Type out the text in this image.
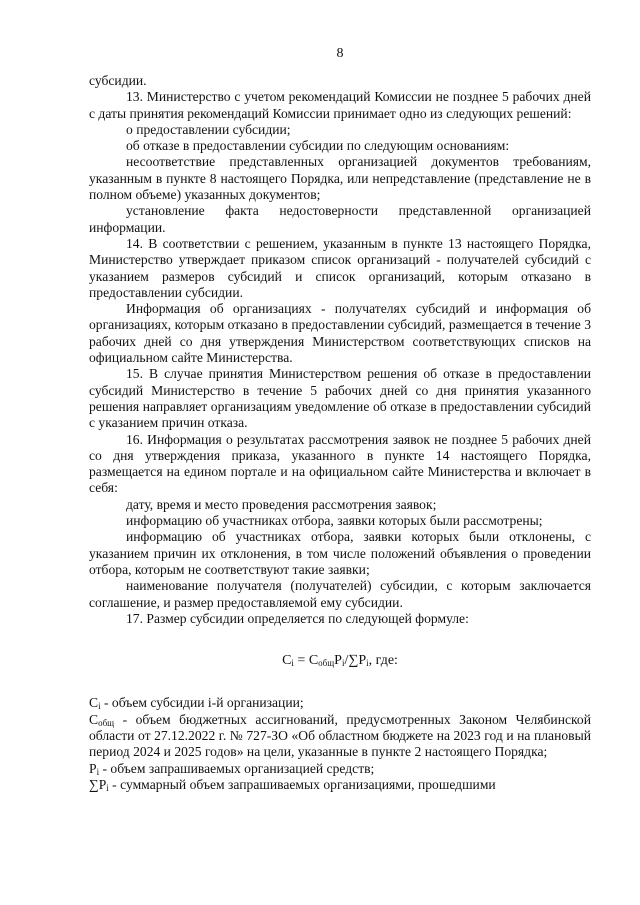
8

субсидии.

13. Министерство с учетом рекомендаций Комиссии не позднее 5 рабочих дней с даты принятия рекомендаций Комиссии принимает одно из следующих решений:

о предоставлении субсидии;

об отказе в предоставлении субсидии по следующим основаниям:

несоответствие представленных организацией документов требованиям, указанным в пункте 8 настоящего Порядка, или непредставление (представление не в полном объеме) указанных документов;

установление факта недостоверности представленной организацией информации.

14. В соответствии с решением, указанным в пункте 13 настоящего Порядка, Министерство утверждает приказом список организаций - получателей субсидий с указанием размеров субсидий и список организаций, которым отказано в предоставлении субсидии.

Информация об организациях - получателях субсидий и информация об организациях, которым отказано в предоставлении субсидий, размещается в течение 3 рабочих дней со дня утверждения Министерством соответствующих списков на официальном сайте Министерства.

15. В случае принятия Министерством решения об отказе в предоставлении субсидий Министерство в течение 5 рабочих дней со дня принятия указанного решения направляет организациям уведомление об отказе в предоставлении субсидий с указанием причин отказа.

16. Информация о результатах рассмотрения заявок не позднее 5 рабочих дней со дня утверждения приказа, указанного в пункте 14 настоящего Порядка, размещается на едином портале и на официальном сайте Министерства и включает в себя:

дату, время и место проведения рассмотрения заявок;

информацию об участниках отбора, заявки которых были рассмотрены;

информацию об участниках отбора, заявки которых были отклонены, с указанием причин их отклонения, в том числе положений объявления о проведении отбора, которым не соответствуют такие заявки;

наименование получателя (получателей) субсидии, с которым заключается соглашение, и размер предоставляемой ему субсидии.

17. Размер субсидии определяется по следующей формуле:

$C_i = C_{общ}P_i/\sum P_i$, где:

$C_i$ - объем субсидии i-й организации;

$C_{общ}$ - объем бюджетных ассигнований, предусмотренных Законом Челябинской области от 27.12.2022 г. № 727-ЗО «Об областном бюджете на 2023 год и на плановый период 2024 и 2025 годов» на цели, указанные в пункте 2 настоящего Порядка;

$P_i$ - объем запрашиваемых организацией средств;

$\sum P_i$ - суммарный объем запрашиваемых организациями, прошедшими
